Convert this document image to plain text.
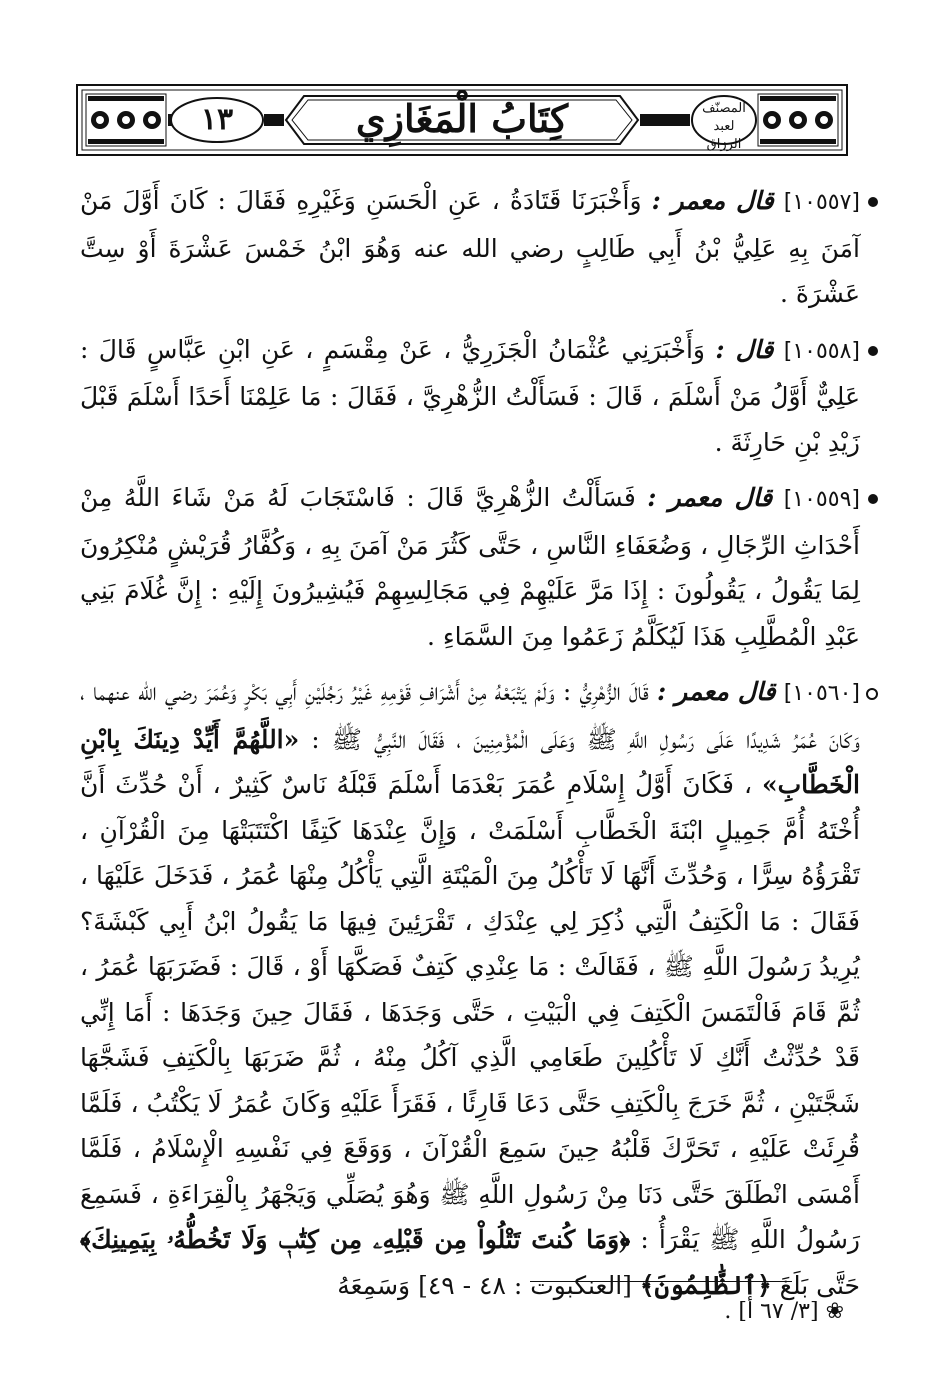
١٣	كِتَابُ الْمَغَازِي	المصنّف لعبد الرزاق

[١٠٥٥٧] قال معمر : وَأَخْبَرَنَا قَتَادَةُ ، عَنِ الْحَسَنِ وَغَيْرِهِ فَقَالَ : كَانَ أَوَّلَ مَنْ آمَنَ بِهِ عَلِيُّ بْنُ أَبِي طَالِبٍ رضي الله عنه وَهُوَ ابْنُ خَمْسَ عَشْرَةَ أَوْ سِتَّ عَشْرَةَ .

[١٠٥٥٨] قال : وَأَخْبَرَنِي عُثْمَانُ الْجَزَرِيُّ ، عَنْ مِقْسَمٍ ، عَنِ ابْنِ عَبَّاسٍ قَالَ : عَلِيٌّ أَوَّلُ مَنْ أَسْلَمَ ، قَالَ : فَسَأَلْتُ الزُّهْرِيَّ ، فَقَالَ : مَا عَلِمْنَا أَحَدًا أَسْلَمَ قَبْلَ زَيْدِ بْنِ حَارِثَةَ .

[١٠٥٥٩] قال معمر : فَسَأَلْتُ الزُّهْرِيَّ قَالَ : فَاسْتَجَابَ لَهُ مَنْ شَاءَ اللَّهُ مِنْ أَحْدَاثِ الرِّجَالِ ، وَضُعَفَاءِ النَّاسِ ، حَتَّى كَثُرَ مَنْ آمَنَ بِهِ ، وَكُفَّارُ قُرَيْشٍ مُنْكِرُونَ لِمَا يَقُولُ ، يَقُولُونَ : إِذَا مَرَّ عَلَيْهِمْ فِي مَجَالِسِهِمْ فَيُشِيرُونَ إِلَيْهِ : إِنَّ غُلَامَ بَنِي عَبْدِ الْمُطَّلِبِ هَذَا لَيُكَلَّمُ زَعَمُوا مِنَ السَّمَاءِ .

[١٠٥٦٠] قال معمر : قَالَ الزُّهْرِيُّ : وَلَمْ يَتْبَعْهُ مِنْ أَشْرَافِ قَوْمِهِ غَيْرُ رَجُلَيْنِ أَبِي بَكْرٍ وَعُمَرَ رضي الله عنهما ، وَكَانَ عُمَرُ شَدِيدًا عَلَى رَسُولِ اللَّهِ ﷺ وَعَلَى الْمُؤْمِنِينَ ، فَقَالَ النَّبِيُّ ﷺ : «اللَّهُمَّ أَيِّدْ دِينَكَ بِابْنِ الْخَطَّابِ» ، فَكَانَ أَوَّلُ إِسْلَامِ عُمَرَ بَعْدَمَا أَسْلَمَ قَبْلَهُ نَاسٌ كَثِيرٌ ، أَنْ حُدِّثَ أَنَّ أُخْتَهُ أُمَّ جَمِيلٍ ابْنَةَ الْخَطَّابِ أَسْلَمَتْ ، وَإِنَّ عِنْدَهَا كَتِفًا اكْتَتَبَتْهَا مِنَ الْقُرْآنِ ، تَقْرَؤُهُ سِرًّا ، وَحُدِّثَ أَنَّهَا لَا تَأْكُلُ مِنَ الْمَيْتَةِ الَّتِي يَأْكُلُ مِنْهَا عُمَرُ ، فَدَخَلَ عَلَيْهَا ، فَقَالَ : مَا الْكَتِفُ الَّتِي ذُكِرَ لِي عِنْدَكِ ، تَقْرَئِينَ فِيهَا مَا يَقُولُ ابْنُ أَبِي كَبْشَةَ؟ يُرِيدُ رَسُولَ اللَّهِ ﷺ ، فَقَالَتْ : مَا عِنْدِي كَتِفٌ فَصَكَّهَا أَوْ ، قَالَ : فَضَرَبَهَا عُمَرُ ، ثُمَّ قَامَ فَالْتَمَسَ الْكَتِفَ فِي الْبَيْتِ ، حَتَّى وَجَدَهَا ، فَقَالَ حِينَ وَجَدَهَا : أَمَا إِنِّي قَدْ حُدِّثْتُ أَنَّكِ لَا تَأْكُلِينَ طَعَامِي الَّذِي آكُلُ مِنْهُ ، ثُمَّ ضَرَبَهَا بِالْكَتِفِ فَشَجَّهَا شَجَّتَيْنِ ، ثُمَّ خَرَجَ بِالْكَتِفِ حَتَّى دَعَا قَارِئًا ، فَقَرَأَ عَلَيْهِ وَكَانَ عُمَرُ لَا يَكْتُبُ ، فَلَمَّا قُرِئَتْ عَلَيْهِ ، تَحَرَّكَ قَلْبُهُ حِينَ سَمِعَ الْقُرْآنَ ، وَوَقَعَ فِي نَفْسِهِ الْإِسْلَامُ ، فَلَمَّا أَمْسَى انْطَلَقَ حَتَّى دَنَا مِنْ رَسُولِ اللَّهِ ﷺ وَهُوَ يُصَلِّي وَيَجْهَرُ بِالْقِرَاءَةِ ، فَسَمِعَ رَسُولُ اللَّهِ ﷺ يَقْرَأُ : ﴿وَمَا كُنتَ تَتْلُواْ مِن قَبْلِهِۦ مِن كِتَٰبٖ وَلَا تَخُطُّهُۥ بِيَمِينِكَ﴾ حَتَّى بَلَغَ ﴿ٱلظَّٰلِمُونَ﴾ [العنكبوت : ٤٨ - ٤٩] وَسَمِعَهُ

❀ [٣/ ٦٧ أ] .
